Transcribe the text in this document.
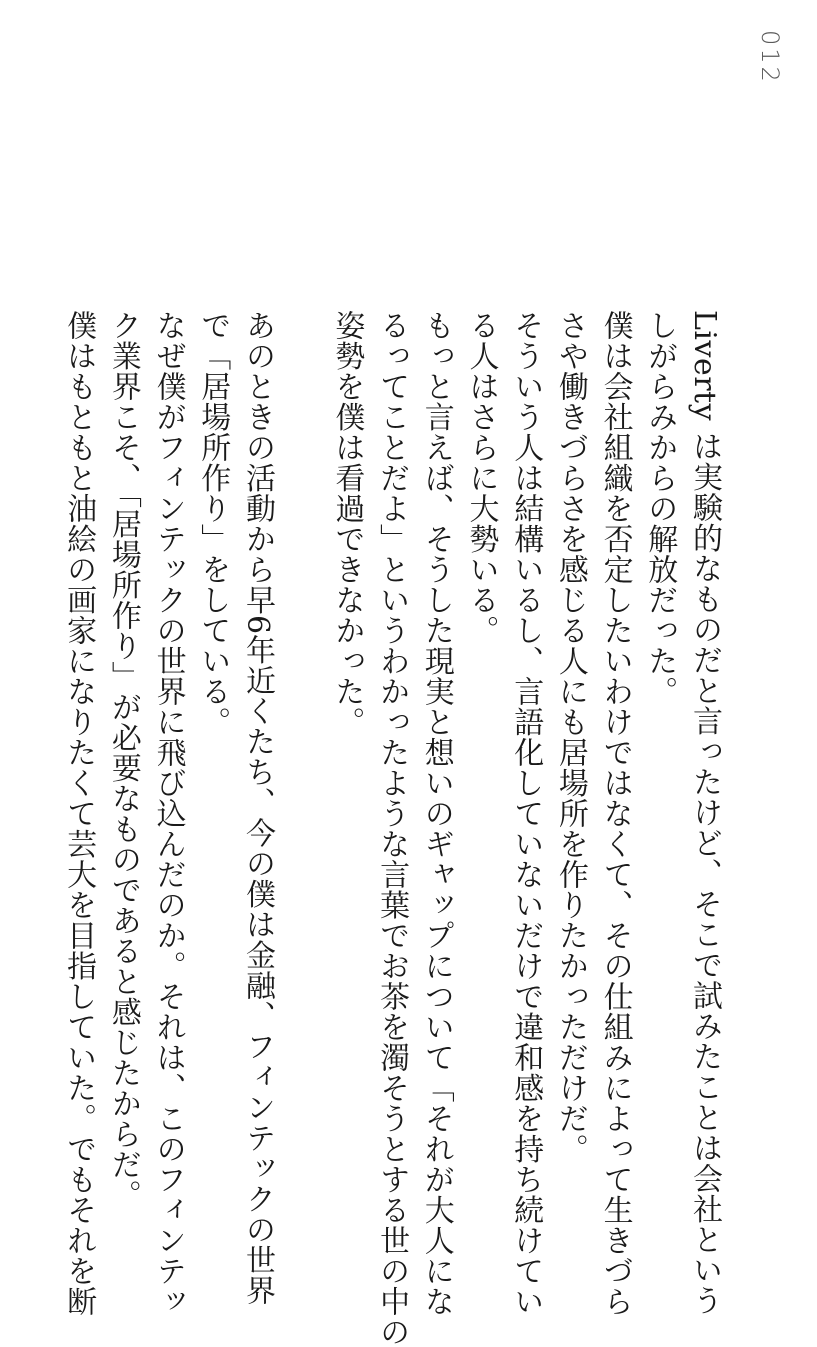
012
Liverty は実験的なものだと言ったけど、そこで試みたことは会社という
しがらみからの解放だった。
僕は会社組織を否定したいわけではなくて、その仕組みによって生きづら
さや働きづらさを感じる人にも居場所を作りたかっただけだ。
そういう人は結構いるし、言語化していないだけで違和感を持ち続けてい
る人はさらに大勢いる。
もっと言えば、そうした現実と想いのギャップについて「それが大人にな
るってことだよ」というわかったような言葉でお茶を濁そうとする世の中の
姿勢を僕は看過できなかった。
あのときの活動から早6年近くたち、今の僕は金融、フィンテックの世界
で「居場所作り」をしている。
なぜ僕がフィンテックの世界に飛び込んだのか。それは、このフィンテッ
ク業界こそ、「居場所作り」が必要なものであると感じたからだ。
僕はもともと油絵の画家になりたくて芸大を目指していた。でもそれを断
